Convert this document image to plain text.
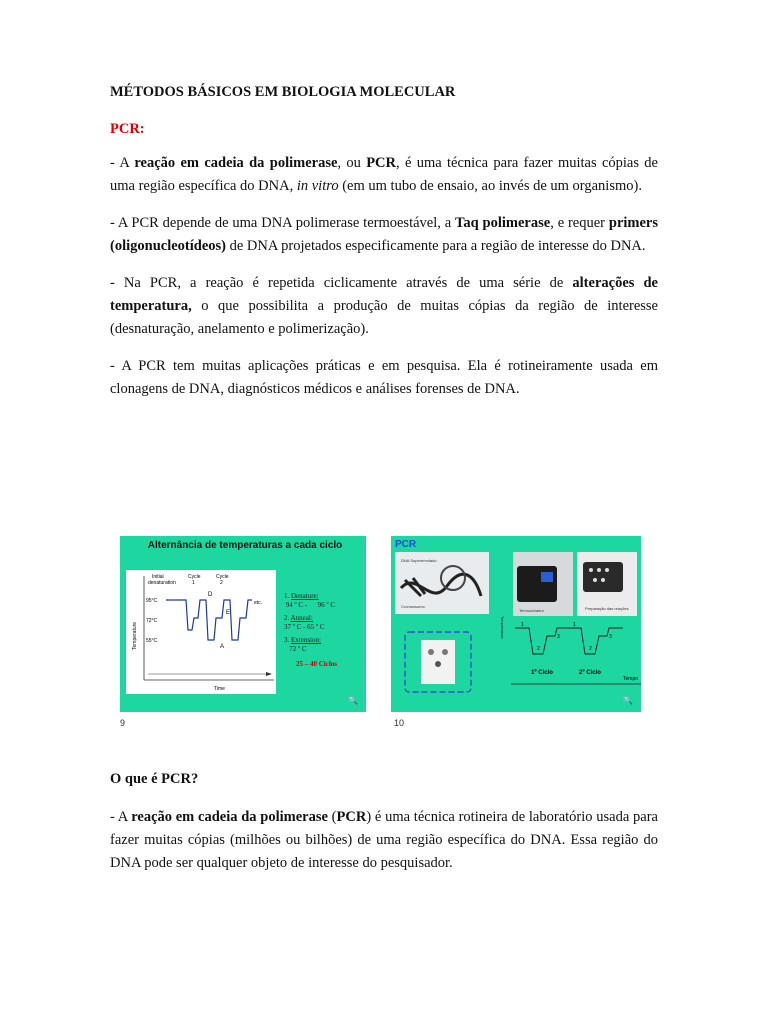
MÉTODOS BÁSICOS EM BIOLOGIA MOLECULAR

PCR:

- A reação em cadeia da polimerase, ou PCR, é uma técnica para fazer muitas cópias de uma região específica do DNA, in vitro (em um tubo de ensaio, ao invés de um organismo).

- A PCR depende de uma DNA polimerase termoestável, a Taq polimerase, e requer primers (oligonucleotídeos) de DNA projetados especificamente para a região de interesse do DNA.

- Na PCR, a reação é repetida ciclicamente através de uma série de alterações de temperatura, o que possibilita a produção de muitas cópias da região de interesse (desnaturação, anelamento e polimerização).

- A PCR tem muitas aplicações práticas e em pesquisa. Ela é rotineiramente usada em clonagens de DNA, diagnósticos médicos e análises forenses de DNA.

Alternância de temperaturas a cada ciclo
Initial
denaturation
Cycle
1
Cycle
2
95°C
72°C
55°C
Temperature
Time
D
E
A
etc.
1. Denature:
94 º C - 96 º C
2. Anneal:
37 º C - 65 º C
3. Extension:
72 º C
25 – 40 Ciclos
🔍
9
PCR
DNA Superenrolado
Cromossomo
Termociclador	Preparação das reações
Temperatura	1
2
3
1
2
3
1º Ciclo	2º Ciclo
Tempo
🔍
10

O que é PCR?

- A reação em cadeia da polimerase (PCR) é uma técnica rotineira de laboratório usada para fazer muitas cópias (milhões ou bilhões) de uma região específica do DNA. Essa região do DNA pode ser qualquer objeto de interesse do pesquisador.
